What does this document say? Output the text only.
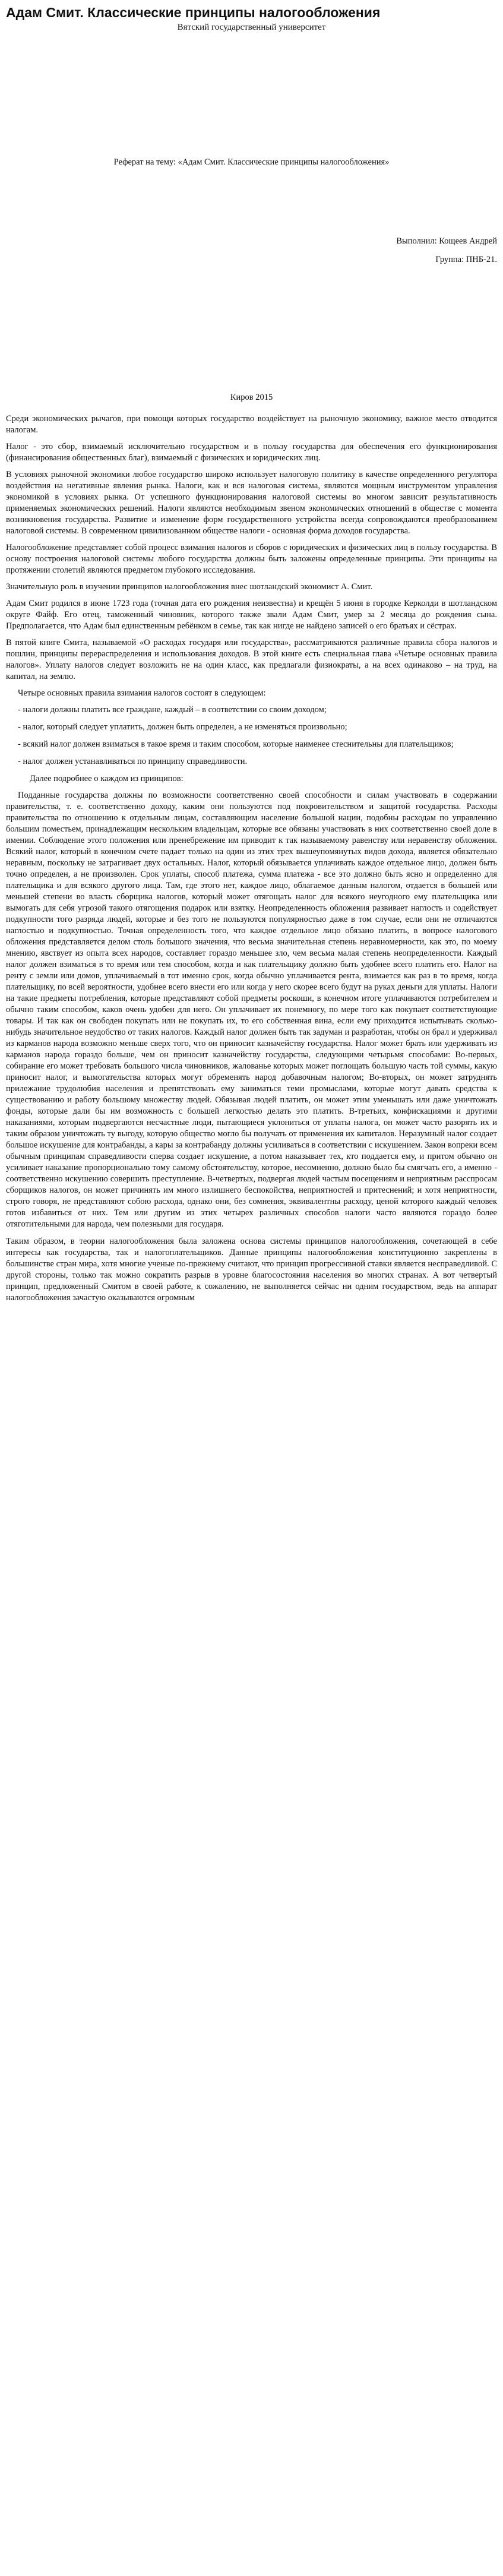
Адам Смит. Классические принципы налогообложения

Вятский государственный университет

Реферат на тему: «Адам Смит. Классические принципы налогообложения»

Выполнил: Кощеев Андрей

Группа: ПНБ-21.

Киров 2015

Среди экономических рычагов, при помощи которых государство воздействует на рыночную экономику, важное место отводится налогам.

Налог - это сбор, взимаемый исключительно государством и в пользу государства для обеспечения его функционирования (финансирования общественных благ), взимаемый с физических и юридических лиц.

В условиях рыночной экономики любое государство широко использует налоговую политику в качестве определенного регулятора воздействия на негативные явления рынка. Налоги, как и вся налоговая система, являются мощным инструментом управления экономикой в условиях рынка. От успешного функционирования налоговой системы во многом зависит результативность применяемых экономических решений. Налоги являются необходимым звеном экономических отношений в обществе с момента возникновения государства. Развитие и изменение форм государственного устройства всегда сопровождаются преобразованием налоговой системы. В современном цивилизованном обществе налоги - основная форма доходов государства.

Налогообложение представляет собой процесс взимания налогов и сборов с юридических и физических лиц в пользу государства. В основу построения налоговой системы любого государства должны быть заложены определенные принципы. Эти принципы на протяжении столетий являются предметом глубокого исследования.

Значительную роль в изучении принципов налогообложения внес шотландский экономист А. Смит.

Адам Смит родился в июне 1723 года (точная дата его рождения неизвестна) и крещён 5 июня в городке Керколди в шотландском округе Файф. Его отец, таможенный чиновник, которого также звали Адам Смит, умер за 2 месяца до рождения сына. Предполагается, что Адам был единственным ребёнком в семье, так как нигде не найдено записей о его братьях и сёстрах.

В пятой книге Смита, называемой «О расходах государя или государства», рассматриваются различные правила сбора налогов и пошлин, принципы перераспределения и использования доходов. В этой книге есть специальная глава «Четыре основных правила налогов». Уплату налогов следует возложить не на один класс, как предлагали физиократы, а на всех одинаково – на труд, на капитал, на землю.

Четыре основных правила взимания налогов состоят в следующем:

- налоги должны платить все граждане, каждый – в соответствии со своим доходом;

- налог, который следует уплатить, должен быть определен, а не изменяться произвольно;

- всякий налог должен взиматься в такое время и таким способом, которые наименее стеснительны для плательщиков;

- налог должен устанавливаться по принципу справедливости.

Далее подробнее о каждом из принципов:

Подданные государства должны по возможности соответственно своей способности и силам участвовать в содержании правительства, т. е. соответственно доходу, каким они пользуются под покровительством и защитой государства. Расходы правительства по отношению к отдельным лицам, составляющим население большой нации, подобны расходам по управлению большим поместьем, принадлежащим нескольким владельцам, которые все обязаны участвовать в них соответственно своей доле в имении. Соблюдение этого положения или пренебрежение им приводит к так называемому равенству или неравенству обложения. Всякий налог, который в конечном счете падает только на один из этих трех вышеупомянутых видов дохода, является обязательно неравным, поскольку не затрагивает двух остальных. Налог, который обязывается уплачивать каждое отдельное лицо, должен быть точно определен, а не произволен. Срок уплаты, способ платежа, сумма платежа - все это должно быть ясно и определенно для плательщика и для всякого другого лица. Там, где этого нет, каждое лицо, облагаемое данным налогом, отдается в большей или меньшей степени во власть сборщика налогов, который может отягощать налог для всякого неугодного ему плательщика или вымогать для себя угрозой такого отягощения подарок или взятку. Неопределенность обложения развивает наглость и содействует подкупности того разряда людей, которые и без того не пользуются популярностью даже в том случае, если они не отличаются наглостью и подкупностью. Точная определенность того, что каждое отдельное лицо обязано платить, в вопросе налогового обложения представляется делом столь большого значения, что весьма значительная степень неравномерности, как это, по моему мнению, явствует из опыта всех народов, составляет гораздо меньшее зло, чем весьма малая степень неопределенности. Каждый налог должен взиматься в то время или тем способом, когда и как плательщику должно быть удобнее всего платить его. Налог на ренту с земли или домов, уплачиваемый в тот именно срок, когда обычно уплачивается рента, взимается как раз в то время, когда плательщику, по всей вероятности, удобнее всего внести его или когда у него скорее всего будут на руках деньги для уплаты. Налоги на такие предметы потребления, которые представляют собой предметы роскоши, в конечном итоге уплачиваются потребителем и обычно таким способом, каков очень удобен для него. Он уплачивает их понемногу, по мере того как покупает соответствующие товары. И так как он свободен покупать или не покупать их, то его собственная вина, если ему приходится испытывать сколько-нибудь значительное неудобство от таких налогов. Каждый налог должен быть так задуман и разработан, чтобы он брал и удерживал из карманов народа возможно меньше сверх того, что он приносит казначейству государства. Налог может брать или удерживать из карманов народа гораздо больше, чем он приносит казначейству государства, следующими четырьмя способами: Во-первых, собирание его может требовать большого числа чиновников, жалованье которых может поглощать большую часть той суммы, какую приносит налог, и вымогательства которых могут обременять народ добавочным налогом; Во-вторых, он может затруднять прилежание трудолюбия населения и препятствовать ему заниматься теми промыслами, которые могут давать средства к существованию и работу большому множеству людей. Обязывая людей платить, он может этим уменьшать или даже уничтожать фонды, которые дали бы им возможность с большей легкостью делать это платить. В-третьих, конфискациями и другими наказаниями, которым подвергаются несчастные люди, пытающиеся уклониться от уплаты налога, он может часто разорять их и таким образом уничтожать ту выгоду, которую общество могло бы получать от применения их капиталов. Неразумный налог создает большое искушение для контрабанды, а кары за контрабанду должны усиливаться в соответствии с искушением. Закон вопреки всем обычным принципам справедливости сперва создает искушение, а потом наказывает тех, кто поддается ему, и притом обычно он усиливает наказание пропорционально тому самому обстоятельству, которое, несомненно, должно было бы смягчать его, а именно - соответственно искушению совершить преступление. В-четвертых, подвергая людей частым посещениям и неприятным расспросам сборщиков налогов, он может причинять им много излишнего беспокойства, неприятностей и притеснений; и хотя неприятности, строго говоря, не представляют собою расхода, однако они, без сомнения, эквивалентны расходу, ценой которого каждый человек готов избавиться от них. Тем или другим из этих четырех различных способов налоги часто являются гораздо более отяготительными для народа, чем полезными для государя.

Таким образом, в теории налогообложения была заложена основа системы принципов налогообложения, сочетающей в себе интересы как государства, так и налогоплательщиков. Данные принципы налогообложения конституционно закреплены в большинстве стран мира, хотя многие ученые по-прежнему считают, что принцип прогрессивной ставки является несправедливой. С другой стороны, только так можно сократить разрыв в уровне благосостояния населения во многих странах. А вот четвертый принцип, предложенный Смитом в своей работе, к сожалению, не выполняется сейчас ни одним государством, ведь на аппарат налогообложения зачастую оказываются огромным
